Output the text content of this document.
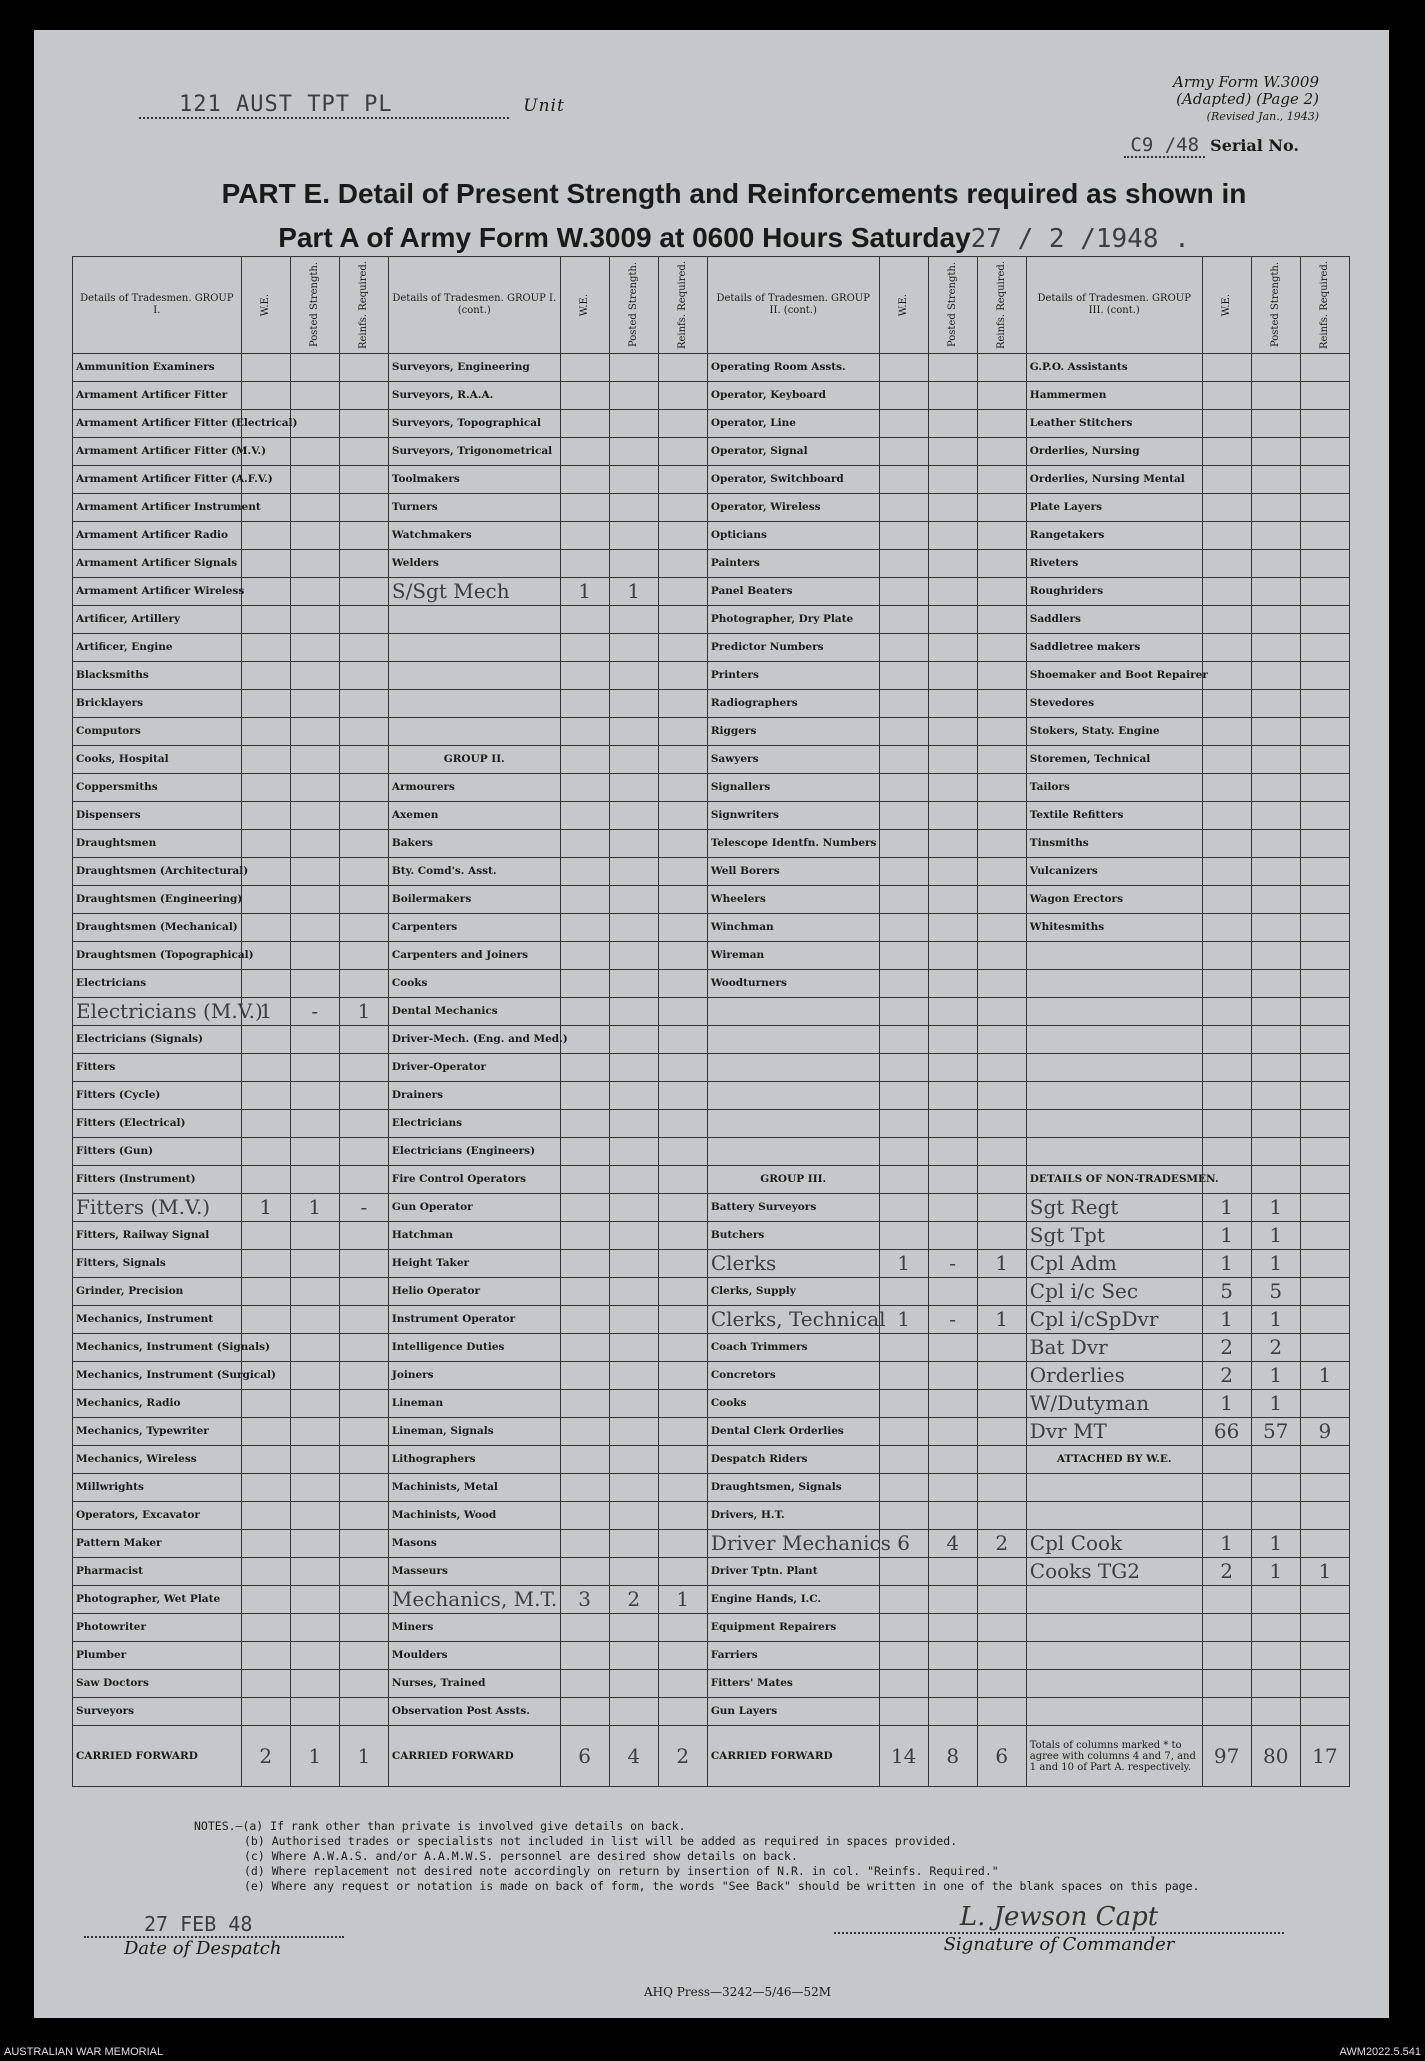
121 AUST TPT PL	Unit
Army Form W.3009
(Adapted) (Page 2)
(Revised Jan., 1943)
C9 /48 Serial No.
PART E. Detail of Present Strength and Reinforcements required as shown in
Part A of Army Form W.3009 at 0600 Hours Saturday27 / 2 /1948 .
Details of Tradesmen. GROUP I.	W.E.	Posted Strength.	Reinfs. Required.	Details of Tradesmen. GROUP I. (cont.)	W.E.	Posted Strength.	Reinfs. Required.	Details of Tradesmen. GROUP II. (cont.)	W.E.	Posted Strength.	Reinfs. Required.	Details of Tradesmen. GROUP III. (cont.)	W.E.	Posted Strength.	Reinfs. Required.

Ammunition Examiners				Surveyors, Engineering				Operating Room Assts.				G.P.O. Assistants			
Armament Artificer Fitter				Surveyors, R.A.A.				Operator, Keyboard				Hammermen			
Armament Artificer Fitter (Electrical)				Surveyors, Topographical				Operator, Line				Leather Stitchers			
Armament Artificer Fitter (M.V.)				Surveyors, Trigonometrical				Operator, Signal				Orderlies, Nursing			
Armament Artificer Fitter (A.F.V.)				Toolmakers				Operator, Switchboard				Orderlies, Nursing Mental			
Armament Artificer Instrument				Turners				Operator, Wireless				Plate Layers			
Armament Artificer Radio				Watchmakers				Opticians				Rangetakers			
Armament Artificer Signals				Welders				Painters				Riveters			
Armament Artificer Wireless				S/Sgt Mech	1	1		Panel Beaters				Roughriders			
Artificer, Artillery								Photographer, Dry Plate				Saddlers			
Artificer, Engine								Predictor Numbers				Saddletree makers			
Blacksmiths								Printers				Shoemaker and Boot Repairer			
Bricklayers								Radiographers				Stevedores			
Computors								Riggers				Stokers, Staty. Engine			
Cooks, Hospital				GROUP II.				Sawyers				Storemen, Technical			
Coppersmiths				Armourers				Signallers				Tailors			
Dispensers				Axemen				Signwriters				Textile Refitters			
Draughtsmen				Bakers				Telescope Identfn. Numbers				Tinsmiths			
Draughtsmen (Architectural)				Bty. Comd's. Asst.				Well Borers				Vulcanizers			
Draughtsmen (Engineering)				Boilermakers				Wheelers				Wagon Erectors			
Draughtsmen (Mechanical)				Carpenters				Winchman				Whitesmiths			
Draughtsmen (Topographical)				Carpenters and Joiners				Wireman							
Electricians				Cooks				Woodturners							
Electricians (M.V.)	1	-	1	Dental Mechanics											
Electricians (Signals)				Driver-Mech. (Eng. and Med.)											
Fitters				Driver-Operator											
Fitters (Cycle)				Drainers											
Fitters (Electrical)				Electricians											
Fitters (Gun)				Electricians (Engineers)											
Fitters (Instrument)				Fire Control Operators				GROUP III.				DETAILS OF NON-TRADESMEN.			
Fitters (M.V.)	1	1	-	Gun Operator				Battery Surveyors				Sgt Regt	1	1	
Fitters, Railway Signal				Hatchman				Butchers				Sgt Tpt	1	1	
Fitters, Signals				Height Taker				Clerks	1	-	1	Cpl Adm	1	1	
Grinder, Precision				Helio Operator				Clerks, Supply				Cpl i/c Sec	5	5	
Mechanics, Instrument				Instrument Operator				Clerks, Technical	1	-	1	Cpl i/cSpDvr	1	1	
Mechanics, Instrument (Signals)				Intelligence Duties				Coach Trimmers				Bat Dvr	2	2	
Mechanics, Instrument (Surgical)				Joiners				Concretors				Orderlies	2	1	1
Mechanics, Radio				Lineman				Cooks				W/Dutyman	1	1	
Mechanics, Typewriter				Lineman, Signals				Dental Clerk Orderlies				Dvr MT	66	57	9
Mechanics, Wireless				Lithographers				Despatch Riders				ATTACHED BY W.E.			
Millwrights				Machinists, Metal				Draughtsmen, Signals							
Operators, Excavator				Machinists, Wood				Drivers, H.T.							
Pattern Maker				Masons				Driver Mechanics	6	4	2	Cpl Cook	1	1	
Pharmacist				Masseurs				Driver Tptn. Plant				Cooks TG2	2	1	1
Photographer, Wet Plate				Mechanics, M.T.	3	2	1	Engine Hands, I.C.							
Photowriter				Miners				Equipment Repairers							
Plumber				Moulders				Farriers							
Saw Doctors				Nurses, Trained				Fitters' Mates							
Surveyors				Observation Post Assts.				Gun Layers							
CARRIED FORWARD	2	1	1	CARRIED FORWARD	6	4	2	CARRIED FORWARD	14	8	6	Totals of columns marked * to agree with columns 4 and 7, and 1 and 10 of Part A. respectively.	97	80	17
NOTES.—(a) If rank other than private is involved give details on back.
(b) Authorised trades or specialists not included in list will be added as required in spaces provided.
(c) Where A.W.A.S. and/or A.A.M.W.S. personnel are desired show details on back.
(d) Where replacement not desired note accordingly on return by insertion of N.R. in col. "Reinfs. Required."
(e) Where any request or notation is made on back of form, the words "See Back" should be written in one of the blank spaces on this page.
27 FEB 48
Date of Despatch
L. Jewson Capt
Signature of Commander
AHQ Press—3242—5/46—52M
AUSTRALIAN WAR MEMORIAL	AWM2022.5.541
